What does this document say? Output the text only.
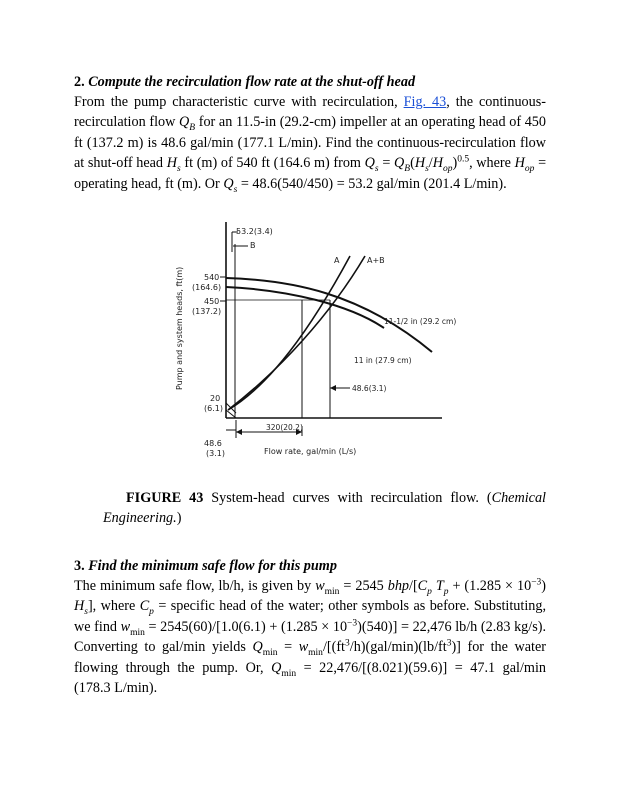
2. Compute the recirculation flow rate at the shut-off head

From the pump characteristic curve with recirculation, Fig. 43, the continuous-recirculation flow $Q_B$ for an 11.5-in (29.2-cm) impeller at an operating head of 450 ft (137.2 m) is 48.6 gal/min (177.1 L/min). Find the continuous-recirculation flow at shut-off head $H_s$ ft (m) of 540 ft (164.6 m) from $Q_s = Q_B(H_s/H_{op})^{0.5}$, where $H_{op}$ = operating head, ft (m). Or $Q_s = 48.6(540/450) = 53.2$ gal/min (201.4 L/min).

53.2(3.4)
B
A	A+B
540
(164.6)
450
(137.2)
20
(6.1)
11-1/2 in (29.2 cm)
11 in (27.9 cm)
48.6(3.1)
320(20.2)
48.6
(3.1)	Flow rate, gal/min (L/s)
Pump and system heads, ft(m)
FIGURE 43 System-head curves with recirculation flow. (Chemical Engineering.)

3. Find the minimum safe flow for this pump

The minimum safe flow, lb/h, is given by $w_{min} = 2545$ bhp/[$C_p$ $T_p + (1.285 \times 10^{-3})$ $H_s$], where $C_p$ = specific head of the water; other symbols as before. Substituting, we find $w_{min} = 2545(60)/[1.0(6.1) + (1.285 \times 10^{-3})(540)] = 22,476$ lb/h (2.83 kg/s). Converting to gal/min yields $Q_{min} = w_{min}/[(ft^3/h)(gal/\min)(lb/ft^3)]$ for the water flowing through the pump. Or, $Q_{min} = 22,476/[(8.021)(59.6)] = 47.1$ gal/min (178.3 L/min).
